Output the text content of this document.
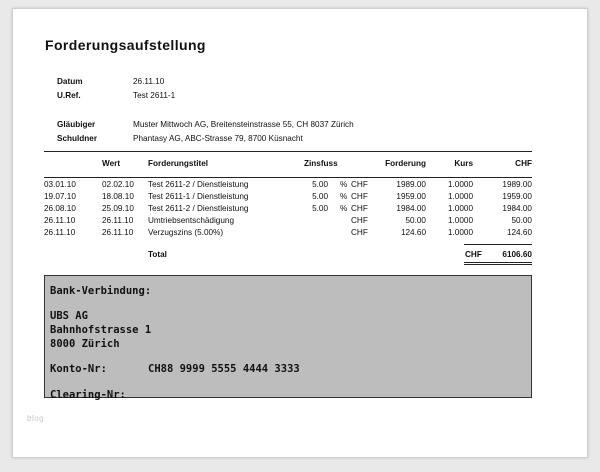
Forderungsaufstellung
Datum	26.11.10
U.Ref.	Test 2611-1
Gläubiger	Muster Mittwoch AG, Breitensteinstrasse 55, CH 8037 Zürich
Schuldner	Phantasy AG, ABC-Strasse 79, 8700 Küsnacht
Wert	Forderungstitel	Zinsfuss	Forderung	Kurs	CHF
03.01.10	02.02.10 Test 2611-2 / Dienstleistung	5.00 % CHF	1989.00	1.0000	1989.00
19.07.10	18.08.10 Test 2611-1 / Dienstleistung	5.00 % CHF	1959.00	1.0000	1959.00
26.08.10	25.09.10 Test 2611-2 / Dienstleistung	5.00 % CHF	1984.00	1.0000	1984.00
26.11.10	26.11.10 Umtriebsentschädigung	CHF	50.00	1.0000	50.00
26.11.10	26.11.10 Verzugszins (5.00%)	CHF	124.60	1.0000	124.60
Total	CHF	6106.60
Bank-Verbindung:
UBS AG
Bahnhofstrasse 1
8000 Zürich
Konto-Nr:	CH88 9999 5555 4444 3333
Clearing-Nr:
blog
